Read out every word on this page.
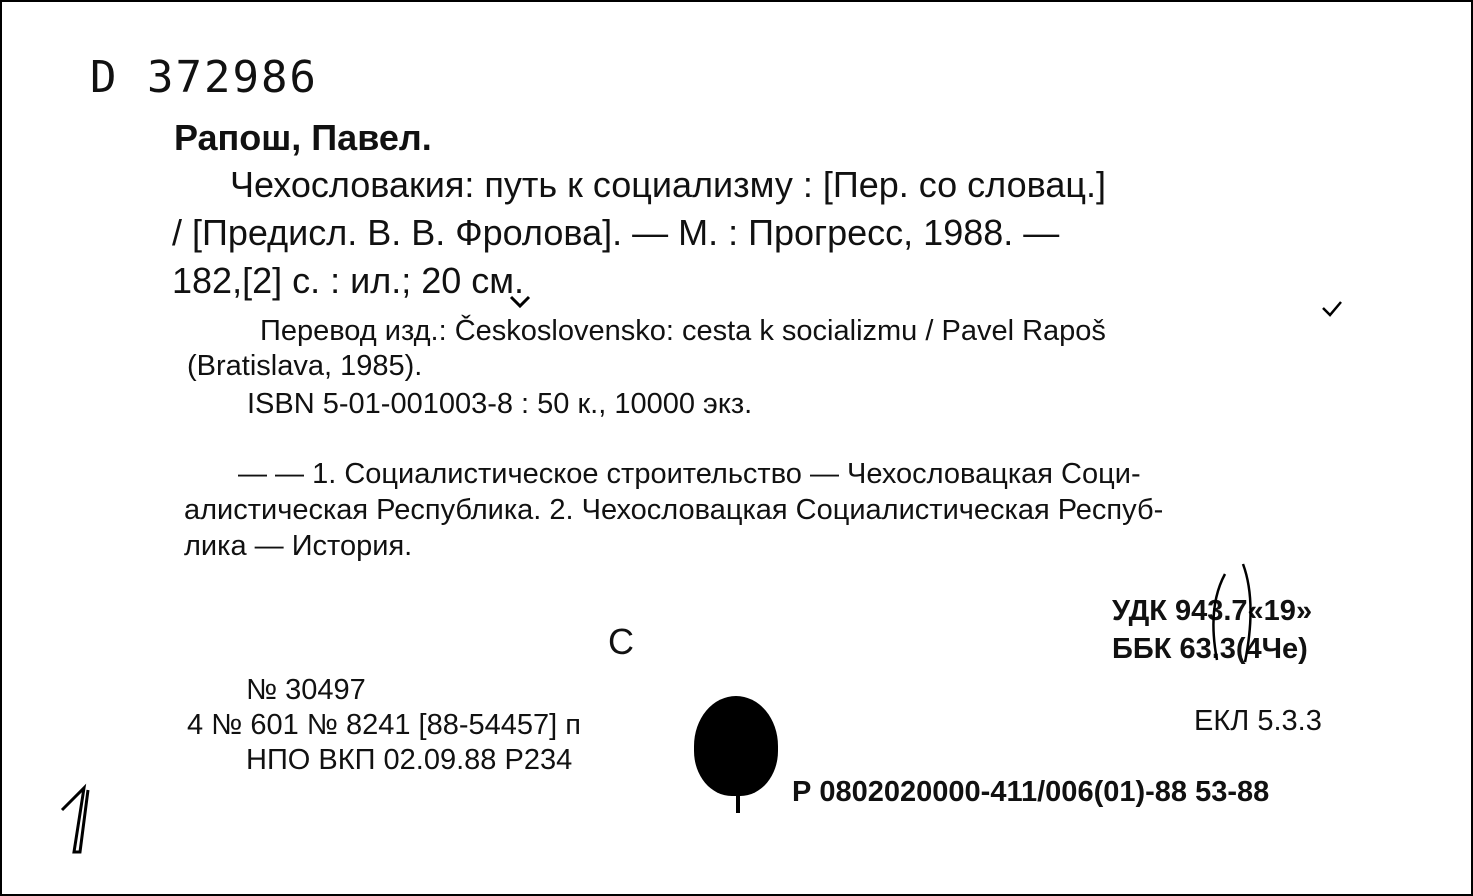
D 372986
Рапош, Павел.
Чехословакия: путь к социализму : [Пер. со словац.]
/ [Предисл. В. В. Фролова]. — М. : Прогресс, 1988. —
182,[2] с. : ил.; 20 см.
Перевод изд.: Československo: cesta k socializmu / Pavel Rapoš
(Bratislava, 1985).
ISBN 5-01-001003-8 : 50 к., 10000 экз.
— — 1. Социалистическое строительство — Чехословацкая Соци-
алистическая Республика. 2. Чехословацкая Социалистическая Респуб-
лика — История.
С
УДК 943.7«19»
ББК 63.3(4Че)
№ 30497
4 № 601 № 8241 [88-54457] п
НПО ВКП 02.09.88 Р234
ЕКЛ 5.3.3
Р 0802020000-411/006(01)-88 53-88
